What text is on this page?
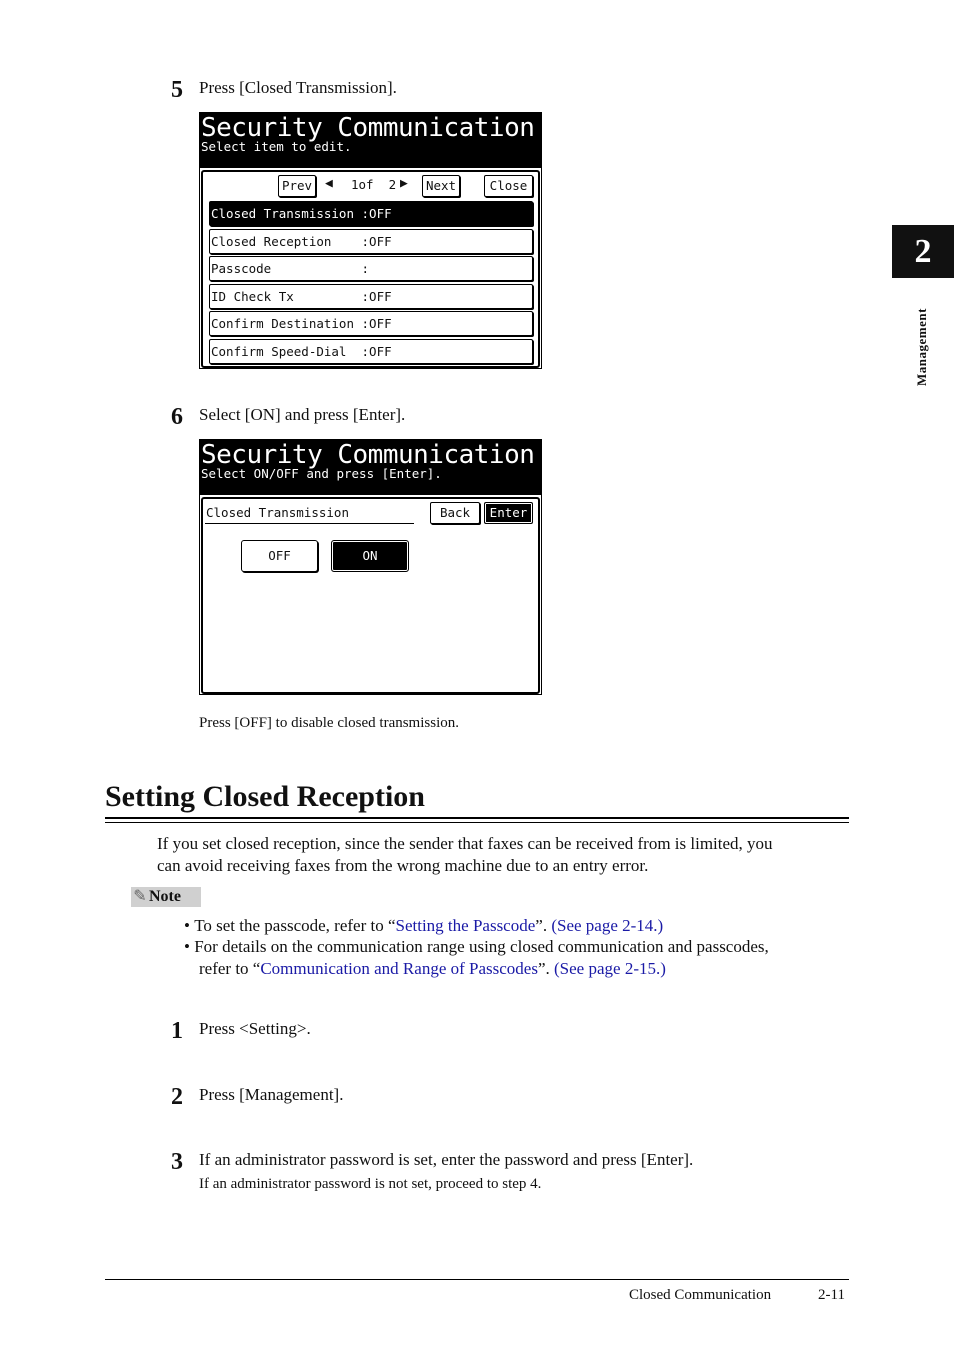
2
Management
5 Press [Closed Transmission].
Security Communication
Select item to edit.
Prev ◀ 1of  2 ▶	Next	Close
Closed Transmission :OFF
Closed Reception    :OFF
Passcode            :
ID Check Tx         :OFF
Confirm Destination :OFF
Confirm Speed-Dial  :OFF
6 Select [ON] and press [Enter].
Security Communication
Select ON/OFF and press [Enter].
Closed Transmission	Back	Enter
OFF	ON
Press [OFF] to disable closed transmission.
Setting Closed Reception
If you set closed reception, since the sender that faxes can be received from is limited, you
can avoid receiving faxes from the wrong machine due to an entry error.
✎ Note
• To set the passcode, refer to “Setting the Passcode”. (See page 2-14.)
• For details on the communication range using closed communication and passcodes,
refer to “Communication and Range of Passcodes”. (See page 2-15.)
1 Press <Setting>.
2 Press [Management].
3 If an administrator password is set, enter the password and press [Enter].
If an administrator password is not set, proceed to step 4.
Closed Communication	2-11
